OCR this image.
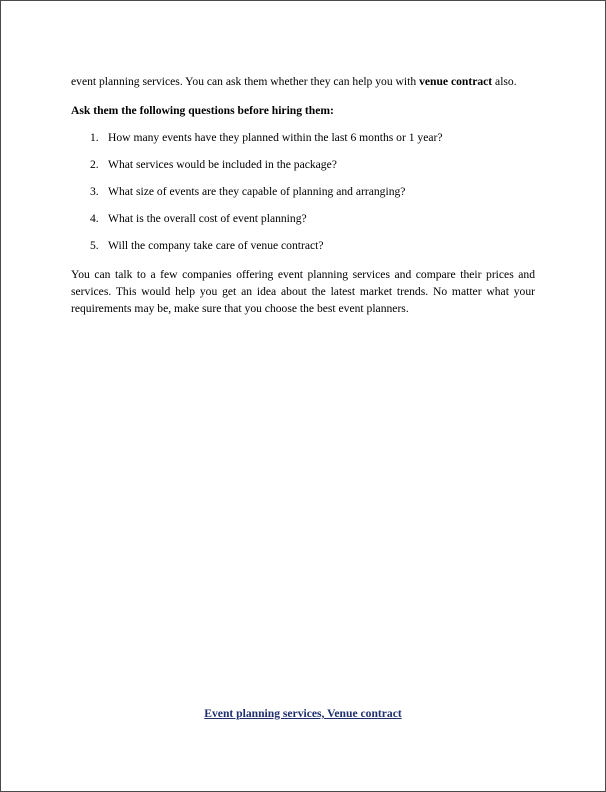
event planning services. You can ask them whether they can help you with venue contract also.

Ask them the following questions before hiring them:

1. How many events have they planned within the last 6 months or 1 year?
2. What services would be included in the package?
3. What size of events are they capable of planning and arranging?
4. What is the overall cost of event planning?
5. Will the company take care of venue contract?

You can talk to a few companies offering event planning services and compare their prices and services. This would help you get an idea about the latest market trends. No matter what your requirements may be, make sure that you choose the best event planners.

Event planning services, Venue contract
